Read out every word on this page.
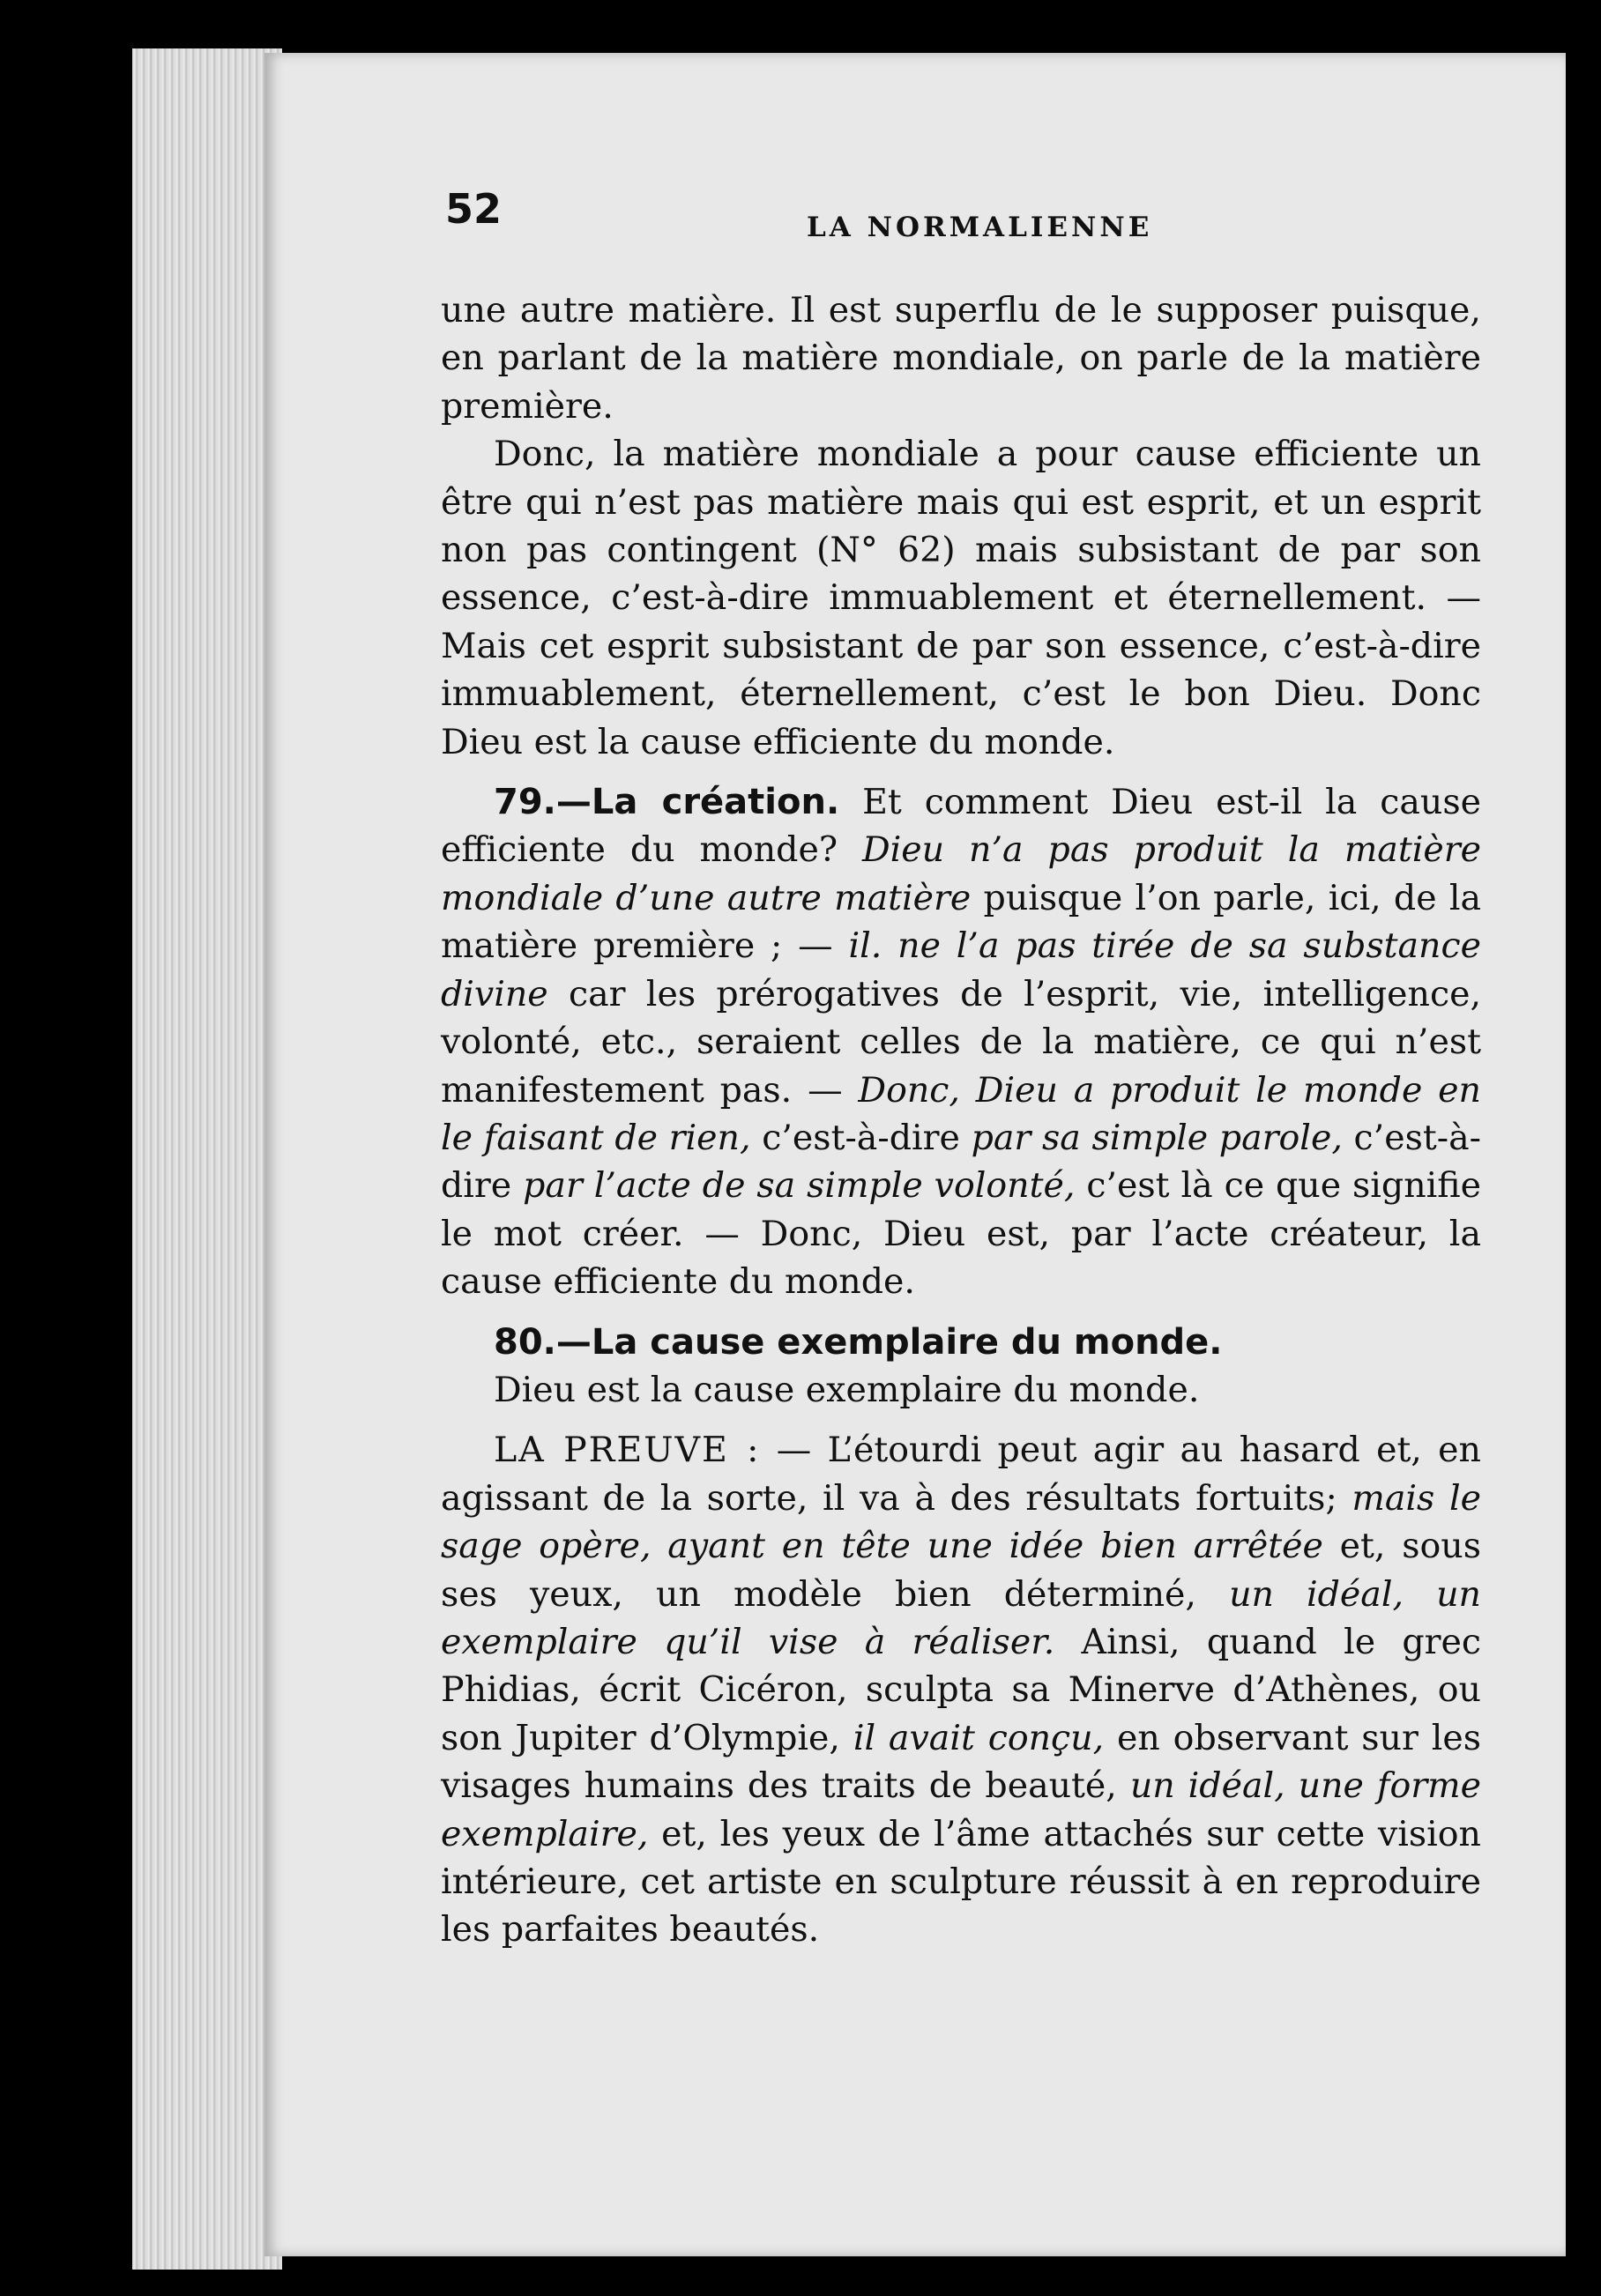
52	LA NORMALIENNE

une autre matière. Il est superflu de le supposer puisque, en parlant de la matière mondiale, on parle de la matière première.

Donc, la matière mondiale a pour cause efficiente un être qui n’est pas matière mais qui est esprit, et un esprit non pas contingent (N° 62) mais subsistant de par son essence, c’est-à-dire immuablement et éternellement. — Mais cet esprit subsistant de par son essence, c’est-à-dire immuablement, éternellement, c’est le bon Dieu. Donc Dieu est la cause efficiente du monde.

79.—La création. Et comment Dieu est-il la cause efficiente du monde? Dieu n’a pas produit la matière mondiale d’une autre matière puisque l’on parle, ici, de la matière première ; — il. ne l’a pas tirée de sa substance divine car les prérogatives de l’esprit, vie, intelligence, volonté, etc., seraient celles de la matière, ce qui n’est manifestement pas. — Donc, Dieu a produit le monde en le faisant de rien, c’est-à-dire par sa simple parole, c’est-à-dire par l’acte de sa simple volonté, c’est là ce que signifie le mot créer. — Donc, Dieu est, par l’acte créateur, la cause efficiente du monde.

80.—La cause exemplaire du monde.

Dieu est la cause exemplaire du monde.

LA PREUVE : — L’étourdi peut agir au hasard et, en agissant de la sorte, il va à des résultats fortuits; mais le sage opère, ayant en tête une idée bien arrêtée et, sous ses yeux, un modèle bien déterminé, un idéal, un exemplaire qu’il vise à réaliser. Ainsi, quand le grec Phidias, écrit Cicéron, sculpta sa Minerve d’Athènes, ou son Jupiter d’Olympie, il avait conçu, en observant sur les visages humains des traits de beauté, un idéal, une forme exemplaire, et, les yeux de l’âme attachés sur cette vision intérieure, cet artiste en sculpture réussit à en reproduire les parfaites beautés.
